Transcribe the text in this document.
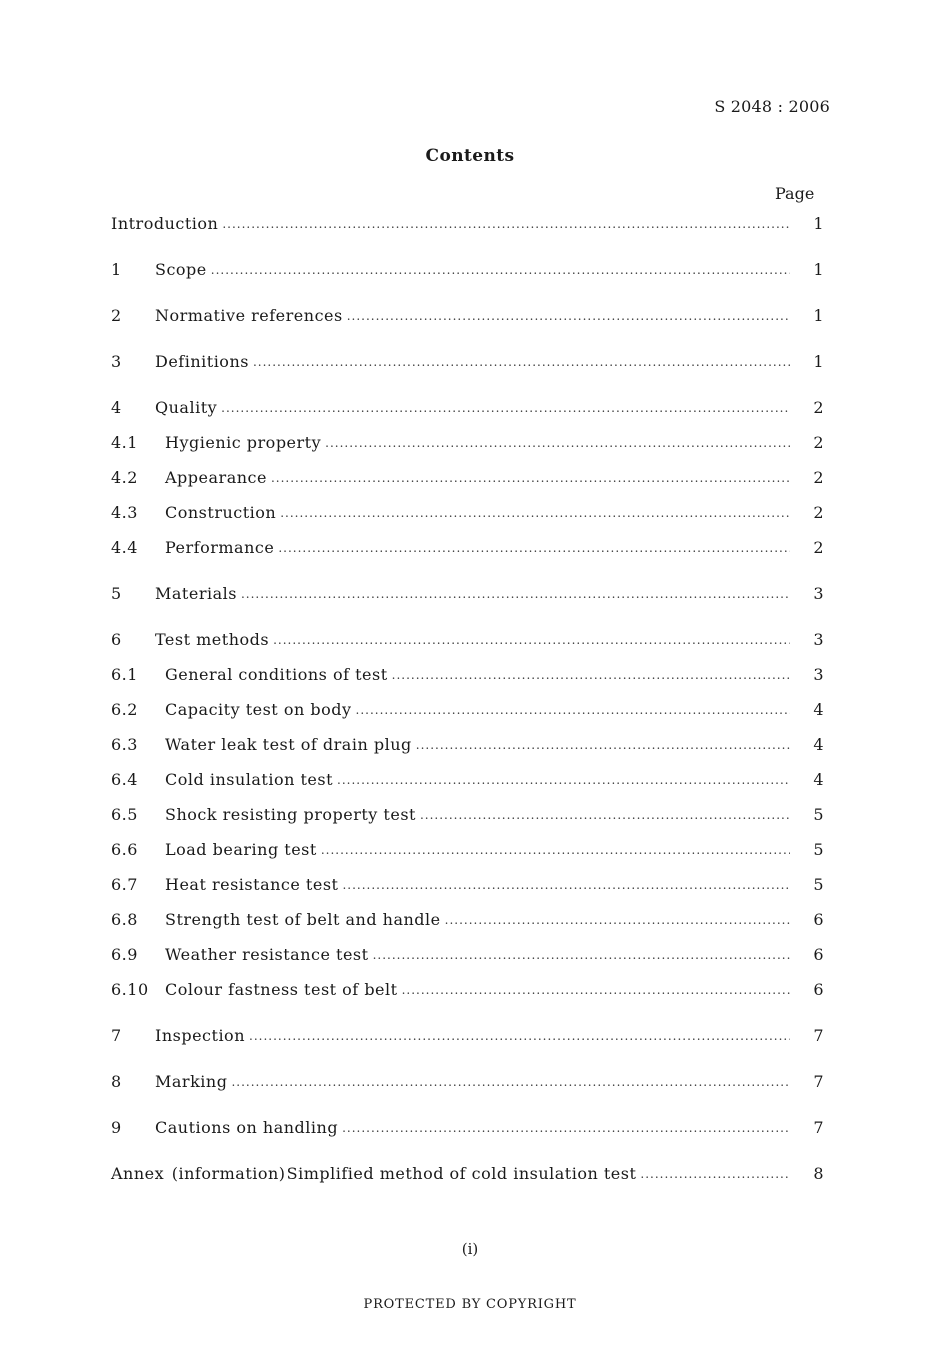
S 2048 : 2006
Contents
Page
Introduction .....	1
1	Scope .....	1
2	Normative references .....	1
3	Definitions .....	1
4	Quality .....	2
4.1	Hygienic property .....	2
4.2	Appearance .....	2
4.3	Construction .....	2
4.4	Performance .....	2
5	Materials .....	3
6	Test methods .....	3
6.1	General conditions of test .....	3
6.2	Capacity test on body .....	4
6.3	Water leak test of drain plug .....	4
6.4	Cold insulation test .....	4
6.5	Shock resisting property test .....	5
6.6	Load bearing test .....	5
6.7	Heat resistance test .....	5
6.8	Strength test of belt and handle .....	6
6.9	Weather resistance test .....	6
6.10	Colour fastness test of belt .....	6
7	Inspection .....	7
8	Marking .....	7
9	Cautions on handling .....	7
Annex (information) Simplified method of cold insulation test .....	8
(i)
PROTECTED BY COPYRIGHT
